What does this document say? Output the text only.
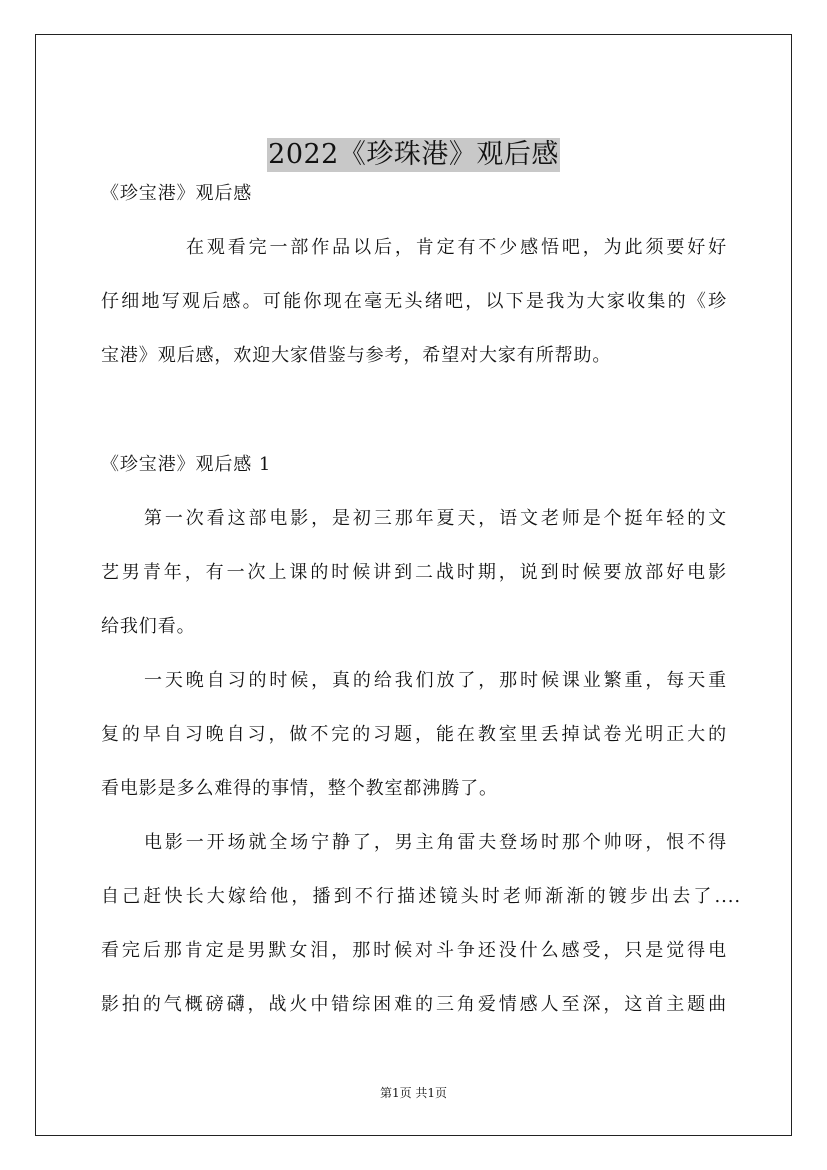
2022《珍珠港》观后感
《珍宝港》观后感
在观看完一部作品以后，肯定有不少感悟吧，为此须要好好
仔细地写观后感。可能你现在毫无头绪吧，以下是我为大家收集的《珍
宝港》观后感，欢迎大家借鉴与参考，希望对大家有所帮助。
《珍宝港》观后感 1
第一次看这部电影，是初三那年夏天，语文老师是个挺年轻的文
艺男青年，有一次上课的时候讲到二战时期，说到时候要放部好电影
给我们看。
一天晚自习的时候，真的给我们放了，那时候课业繁重，每天重
复的早自习晚自习，做不完的习题，能在教室里丢掉试卷光明正大的
看电影是多么难得的事情，整个教室都沸腾了。
电影一开场就全场宁静了，男主角雷夫登场时那个帅呀，恨不得
自己赶快长大嫁给他，播到不行描述镜头时老师渐渐的镀步出去了....
看完后那肯定是男默女泪，那时候对斗争还没什么感受，只是觉得电
影拍的气概磅礴，战火中错综困难的三角爱情感人至深，这首主题曲
第1页 共1页
